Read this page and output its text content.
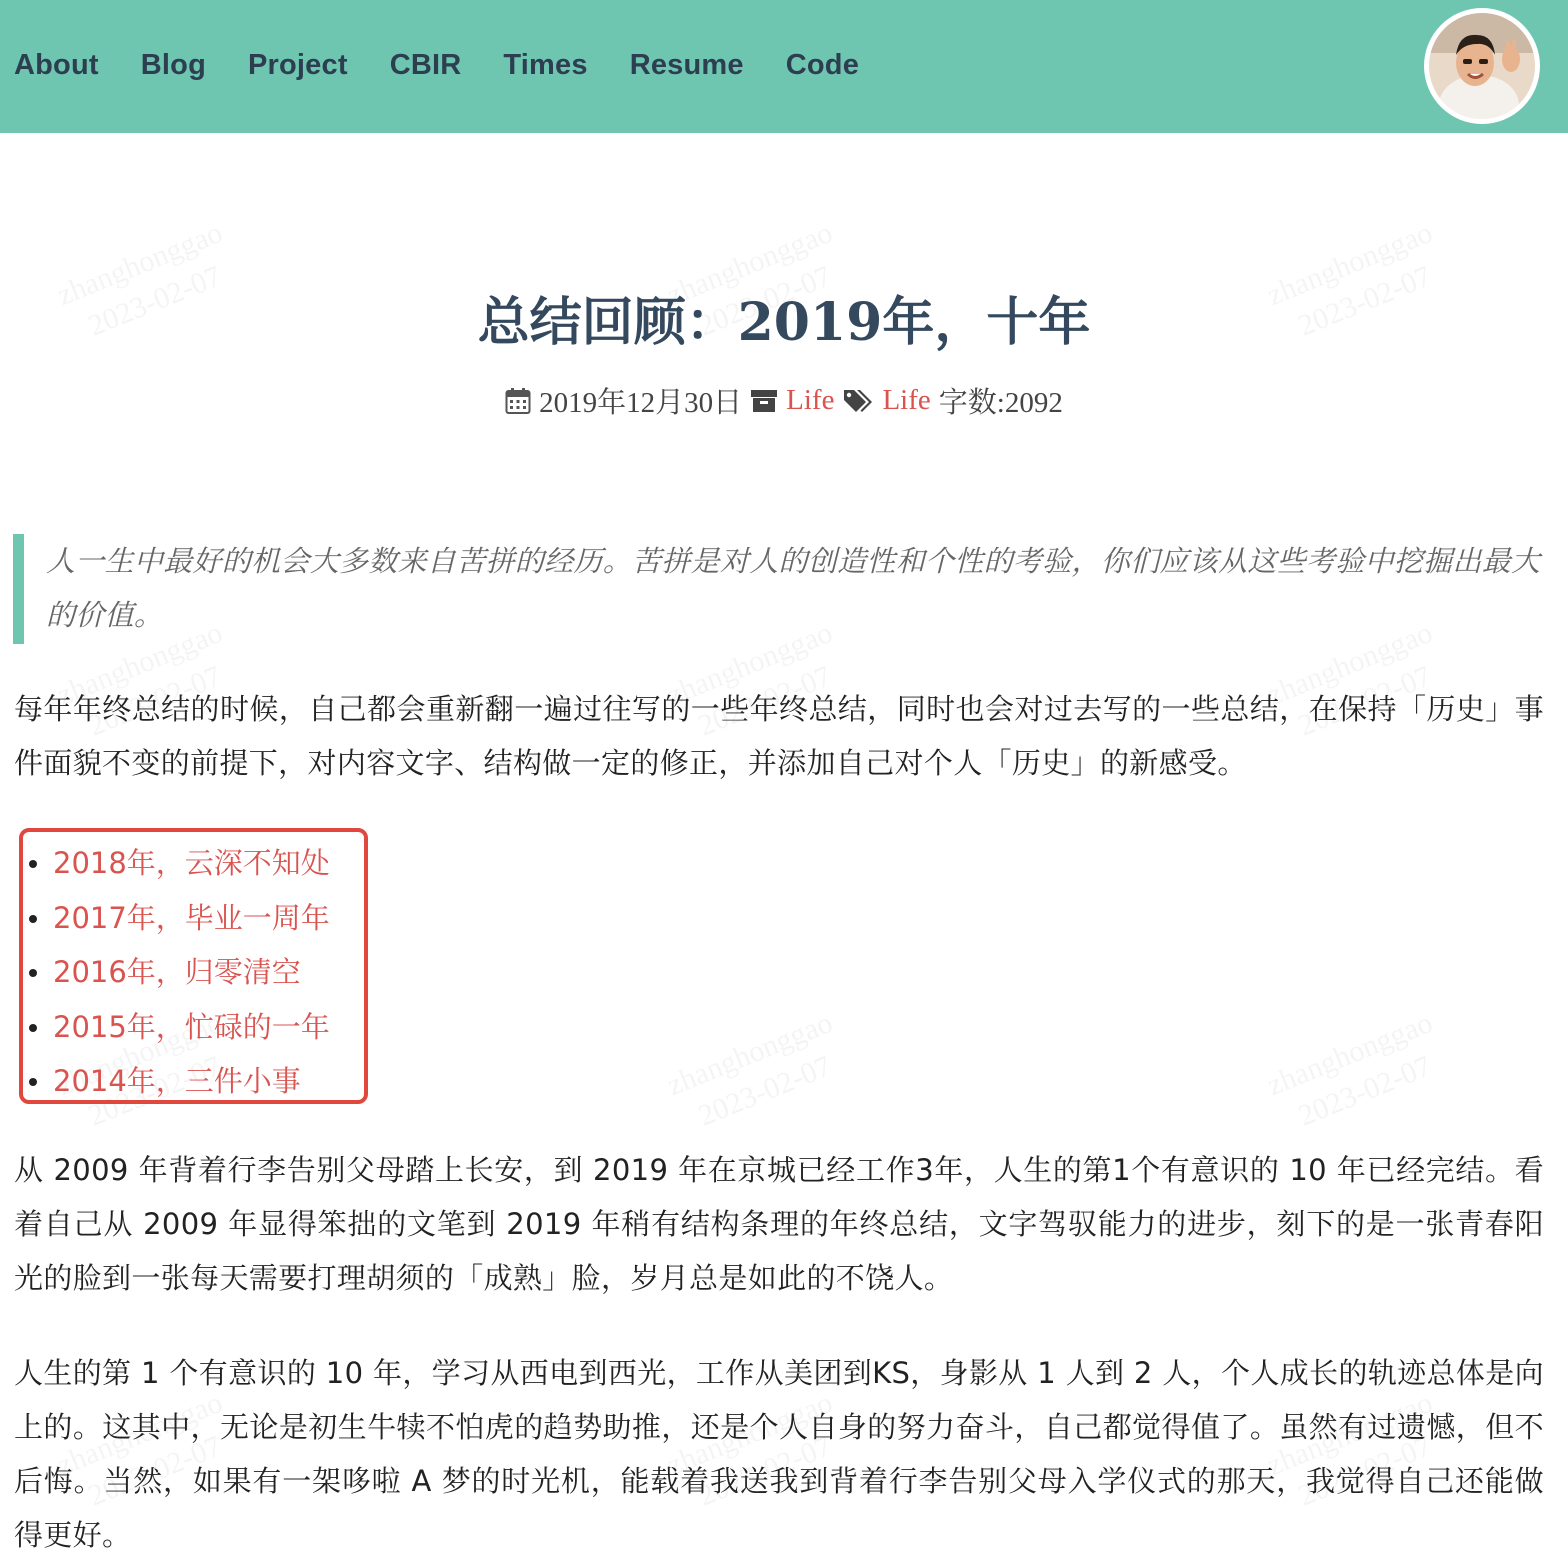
About Blog Project CBIR Times Resume Code
总结回顾：2019年，十年
2019年12月30日 Life Life 字数:2092

人一生中最好的机会大多数来自苦拼的经历。苦拼是对人的创造性和个性的考验，你们应该从这些考验中挖掘出最大的价值。

每年年终总结的时候，自己都会重新翻一遍过往写的一些年终总结，同时也会对过去写的一些总结，在保持「历史」事件面貌不变的前提下，对内容文字、结构做一定的修正，并添加自己对个人「历史」的新感受。

2018年，云深不知处
2017年，毕业一周年
2016年，归零清空
2015年，忙碌的一年
2014年，三件小事

从 2009 年背着行李告别父母踏上长安，到 2019 年在京城已经工作3年，人生的第1个有意识的 10 年已经完结。看着自己从 2009 年显得笨拙的文笔到 2019 年稍有结构条理的年终总结，文字驾驭能力的进步，刻下的是一张青春阳光的脸到一张每天需要打理胡须的「成熟」脸，岁月总是如此的不饶人。

人生的第 1 个有意识的 10 年，学习从西电到西光，工作从美团到KS，身影从 1 人到 2 人，个人成长的轨迹总体是向上的。这其中，无论是初生牛犊不怕虎的趋势助推，还是个人自身的努力奋斗，自己都觉得值了。虽然有过遗憾，但不后悔。当然，如果有一架哆啦 A 梦的时光机，能载着我送我到背着行李告别父母入学仪式的那天，我觉得自己还能做得更好。
